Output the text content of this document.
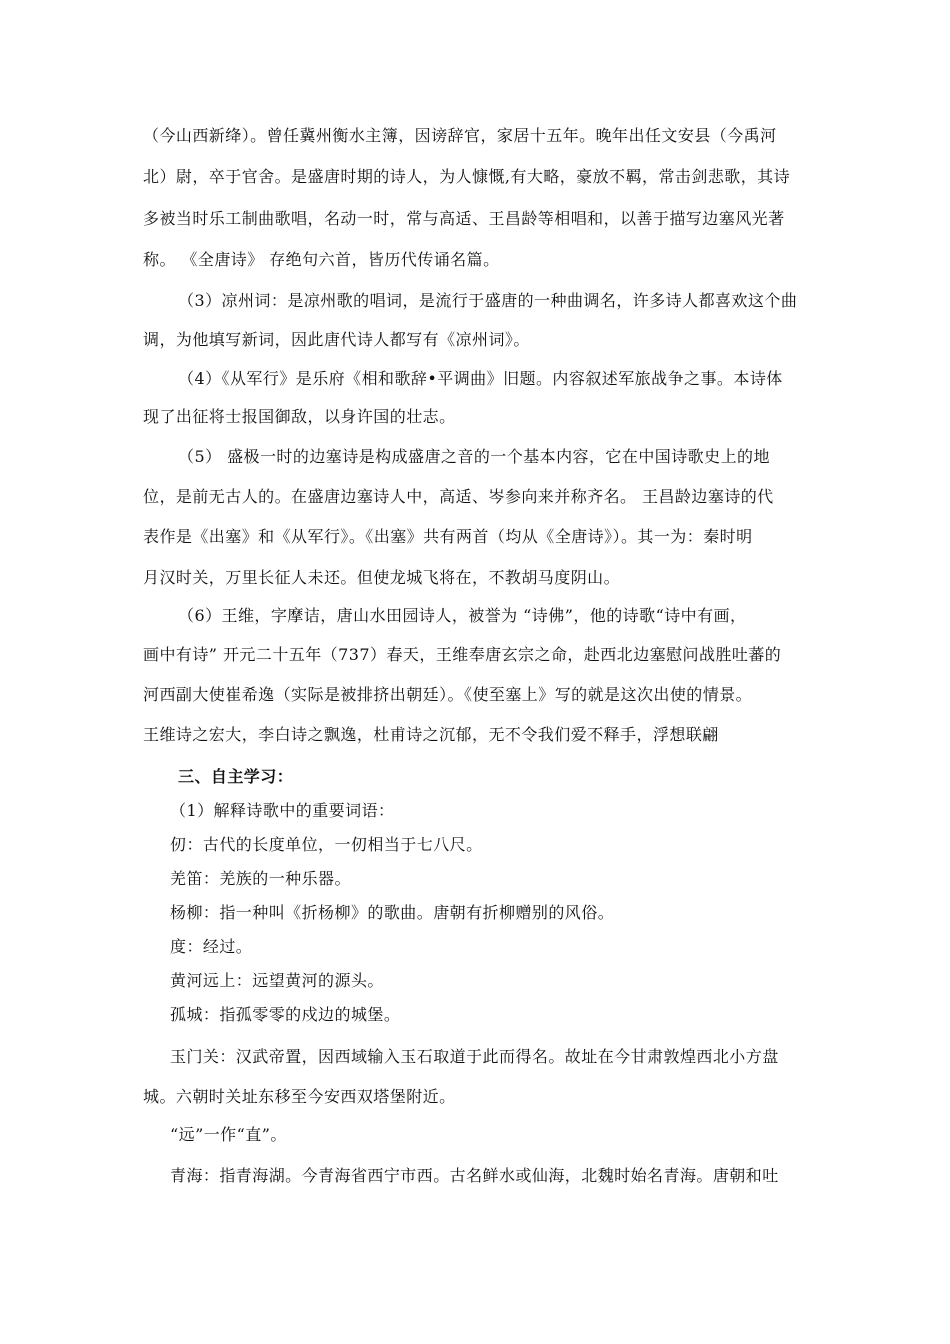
（今山西新绛）。曾任冀州衡水主簿，因谤辞官，家居十五年。晚年出任文安县（今禹河
北）尉，卒于官舍。是盛唐时期的诗人，为人慷慨,有大略，豪放不羁，常击剑悲歌，其诗
多被当时乐工制曲歌唱，名动一时，常与高适、王昌龄等相唱和，以善于描写边塞风光著
称。 《全唐诗》 存绝句六首，皆历代传诵名篇。
（3）凉州词：是凉州歌的唱词，是流行于盛唐的一种曲调名，许多诗人都喜欢这个曲
调，为他填写新词，因此唐代诗人都写有《凉州词》。
（4）《从军行》是乐府《相和歌辞•平调曲》旧题。内容叙述军旅战争之事。本诗体
现了出征将士报国御敌，以身许国的壮志。
（5） 盛极一时的边塞诗是构成盛唐之音的一个基本内容，它在中国诗歌史上的地
位，是前无古人的。在盛唐边塞诗人中，高适、岑参向来并称齐名。 王昌龄边塞诗的代
表作是《出塞》和《从军行》。《出塞》共有两首（均从《全唐诗》）。其一为：秦时明
月汉时关，万里长征人未还。但使龙城飞将在，不教胡马度阴山。
（6）王维，字摩诘，唐山水田园诗人，被誉为 “诗佛”，他的诗歌“诗中有画，
画中有诗” 开元二十五年（737）春天，王维奉唐玄宗之命，赴西北边塞慰问战胜吐蕃的
河西副大使崔希逸（实际是被排挤出朝廷）。《使至塞上》写的就是这次出使的情景。
王维诗之宏大，李白诗之飘逸，杜甫诗之沉郁，无不令我们爱不释手，浮想联翩
三、自主学习：
（1）解释诗歌中的重要词语：
仞：古代的长度单位，一仞相当于七八尺。
羌笛：羌族的一种乐器。
杨柳：指一种叫《折杨柳》的歌曲。唐朝有折柳赠别的风俗。
度：经过。
黄河远上：远望黄河的源头。
孤城：指孤零零的戍边的城堡。
玉门关：汉武帝置，因西域输入玉石取道于此而得名。故址在今甘肃敦煌西北小方盘
城。六朝时关址东移至今安西双塔堡附近。
“远”一作“直”。
青海：指青海湖。今青海省西宁市西。古名鲜水或仙海，北魏时始名青海。唐朝和吐
